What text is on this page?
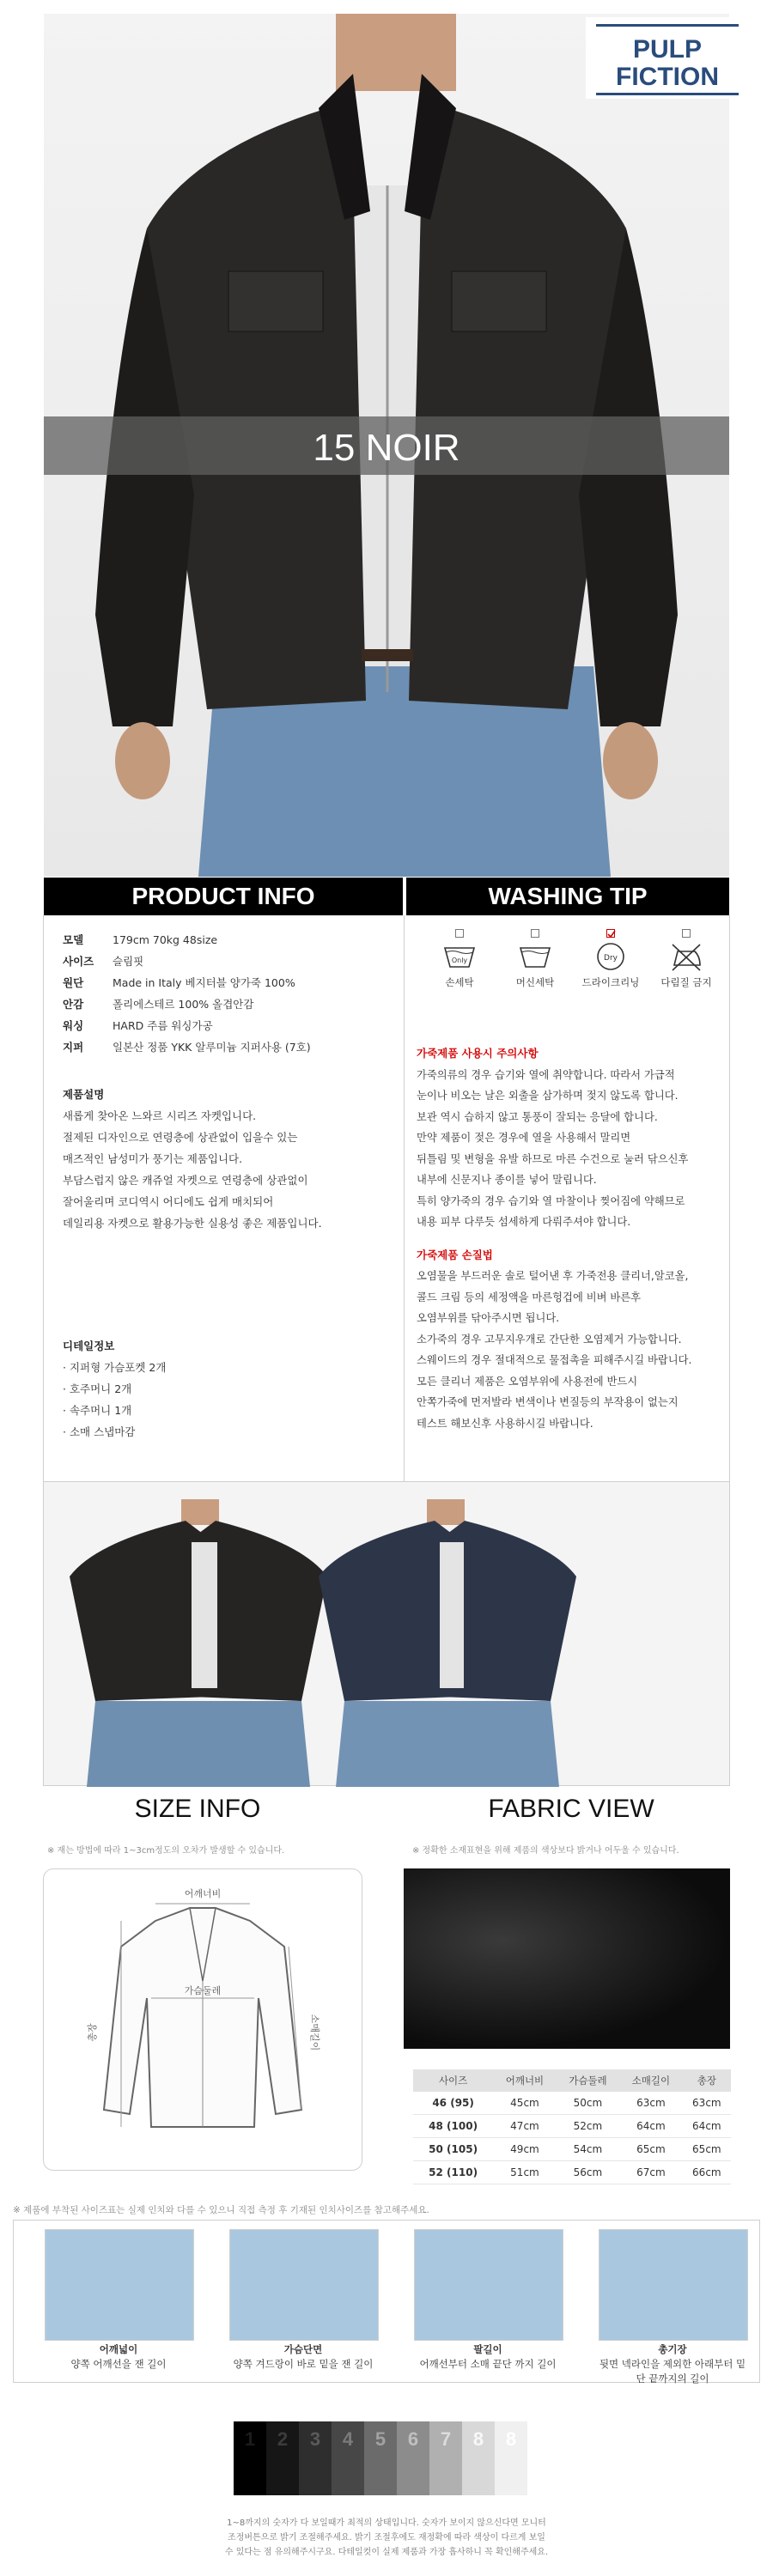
PULP
FICTION
15 NOIR
PRODUCT INFO	WASHING TIP
모델	179cm 70kg 48size
사이즈 슬림핏
원단	Made in Italy 베지터블 양가죽 100%
안감	폴리에스테르 100% 올겹안감
워싱	HARD 주름 워싱가공
지퍼	일본산 정품 YKK 알루미늄 지퍼사용 (7호)
제품설명
새롭게 찾아온 느와르 시리즈 자켓입니다.
절제된 디자인으로 연령층에 상관없이 입을수 있는
매즈적인 남성미가 풍기는 제품입니다.
부담스럽지 않은 캐쥬얼 자켓으로 연령층에 상관없이
잘어울리며 코디역시 어디에도 쉽게 매치되어
데일리용 자켓으로 활용가능한 실용성 좋은 제품입니다.
디테일정보
· 지퍼형 가슴포켓 2개
· 호주머니 2개
· 속주머니 1개
· 소매 스냅마감
Only
손세탁	머신세탁
Dry
드라이크리닝	다림질 금지
가죽제품 사용시 주의사항
가죽의류의 경우 습기와 열에 취약합니다. 따라서 가급적
눈이나 비오는 날은 외출을 삼가하며 젖지 않도록 합니다.
보관 역시 습하지 않고 통풍이 잘되는 응달에 합니다.
만약 제품이 젖은 경우에 열을 사용해서 말리면
뒤틀림 및 변형을 유발 하므로 마른 수건으로 눌러 닦으신후
내부에 신문지나 종이를 넣어 말립니다.
특히 양가죽의 경우 습기와 열 마찰이나 찢어짐에 약해므로
내용 피부 다루듯 섬세하게 다뤄주셔야 합니다.
가죽제품 손질법
오염물을 부드러운 솔로 털어낸 후 가죽전용 클리너,알코올,
콜드 크림 등의 세정액을 마른헝겁에 비벼 바른후
오염부위를 닦아주시면 됩니다.
소가죽의 경우 고무지우개로 간단한 오염제거 가능합니다.
스웨이드의 경우 절대적으로 물접촉을 피해주시길 바랍니다.
모든 클리너 제품은 오염부위에 사용전에 반드시
안쪽가죽에 먼저발라 변색이나 변질등의 부작용이 없는지
테스트 해보신후 사용하시길 바랍니다.
SIZE INFO
※ 재는 방법에 따라 1~3cm정도의 오차가 발생할 수 있습니다.
어깨너비
가슴둘레
총장	소매길이
FABRIC VIEW
※ 정확한 소재표현을 위해 제품의 색상보다 밝거나 어두울 수 있습니다.
사이즈	어깨너비	가슴둘레	소매길이	총장
46 (95)	45cm	50cm	63cm	63cm
48 (100)	47cm	52cm	64cm	64cm
50 (105)	49cm	54cm	65cm	65cm
52 (110)	51cm	56cm	67cm	66cm
※ 제품에 부착된 사이즈표는 실제 인치와 다를 수 있으니 직접 측정 후 기재된 인치사이즈를 참고해주세요.
어깨넓이
양쪽 어깨선을 잰 길이
가슴단면
양쪽 겨드랑이 바로 밑을 잰 길이
팔길이
어깨선부터 소매 끝단 까지 길이
총기장
뒷면 넥라인을 제외한 아래부터 밑단 끝까지의 길이
1	2	3	4	5	6	7	8	8
1~8까지의 숫자가 다 보일때가 최적의 상태입니다. 숫자가 보이지 않으신다면 모니터
조정버튼으로 밝기 조절해주세요. 밝기 조절후에도 재정확에 따라 색상이 다르게 보일
수 있다는 점 유의해주시구요. 다테일컷이 실제 제품과 가장 흡사하니 꼭 확인해주세요.
